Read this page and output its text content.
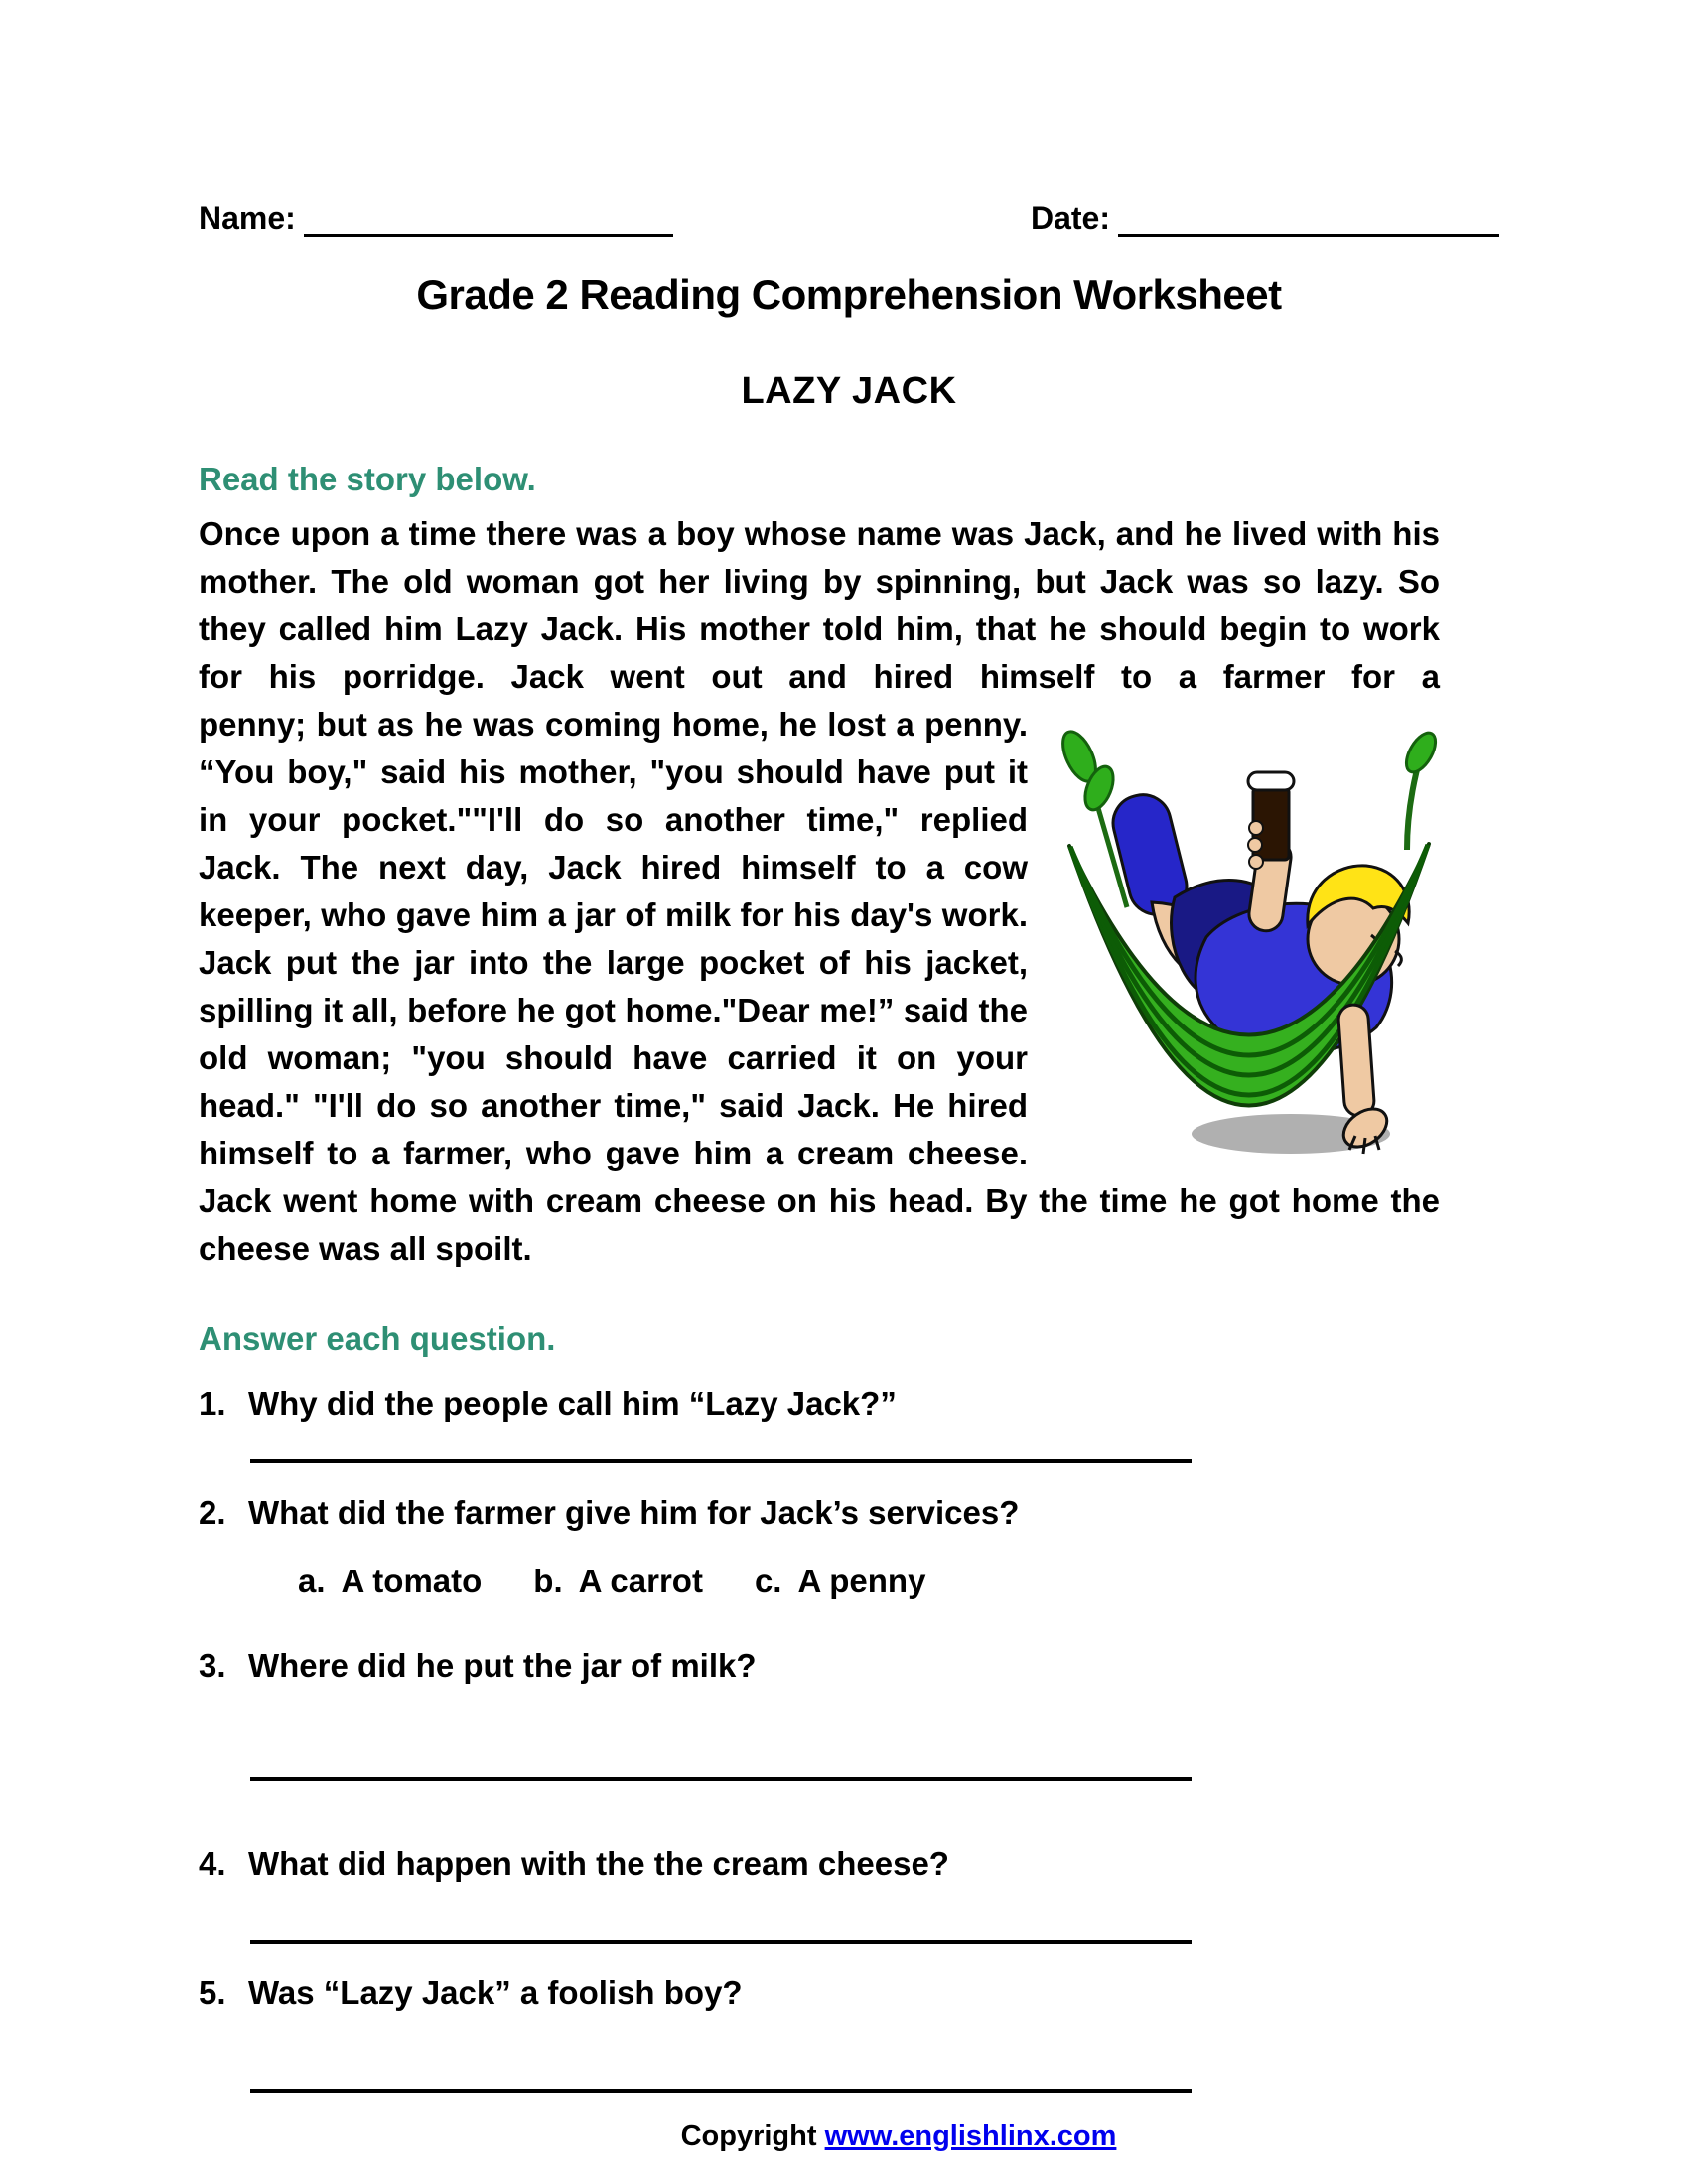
Name:	Date:
Grade 2 Reading Comprehension Worksheet
LAZY JACK
Read the story below.
Once upon a time there was a boy whose name was Jack, and he lived with his mother. The old woman got her living by spinning, but Jack was so lazy. So they called him Lazy Jack. His mother told him, that he should begin to work for his porridge. Jack went out and hired himself to a farmer for a
penny; but as he was coming home, he lost a penny. “You boy," said his mother, "you should have put it in your pocket.""I'll do so another time," replied Jack. The next day, Jack hired himself to a cow keeper, who gave him a jar of milk for his day's work. Jack put the jar into the large pocket of his jacket, spilling it all, before he got home."Dear me!” said the old woman; "you should have carried it on your head." "I'll do so another time," said Jack. He hired himself to a farmer, who gave him a cream cheese. Jack went home with cream cheese on his head. By the time he got home the cheese was all spoilt.
Answer each question.
1. Why did the people call him “Lazy Jack?”
2. What did the farmer give him for Jack’s services?
a. A tomato b. A carrot c. A penny
3. Where did he put the jar of milk?
4. What did happen with the the cream cheese?
5. Was “Lazy Jack” a foolish boy?
Copyright www.englishlinx.com
